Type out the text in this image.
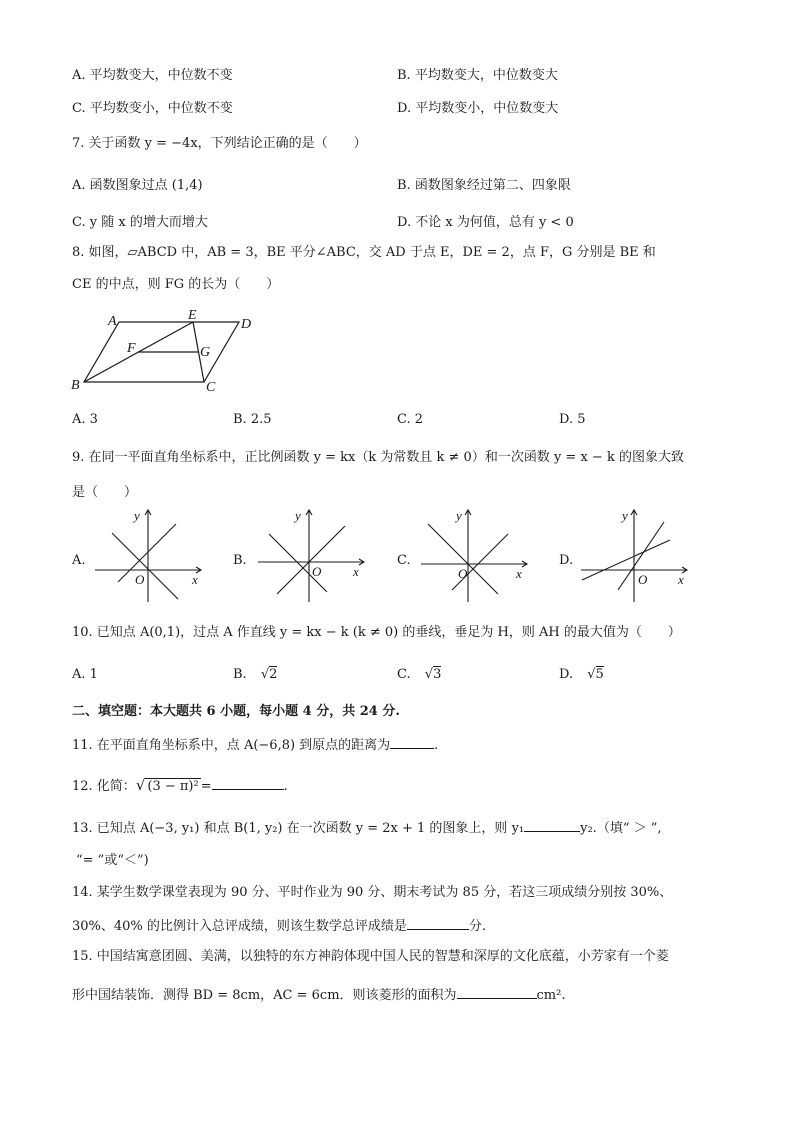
A. 平均数变大，中位数不变	B. 平均数变大，中位数变大
C. 平均数变小，中位数不变	D. 平均数变小，中位数变大
7. 关于函数 y = −4x，下列结论正确的是（　　）
A. 函数图象过点 (1,4)	B. 函数图象经过第二、四象限
C. y 随 x 的增大而增大	D. 不论 x 为何值，总有 y < 0
8. 如图，▱ABCD 中，AB = 3，BE 平分∠ABC，交 AD 于点 E，DE = 2，点 F，G 分别是 BE 和
CE 的中点，则 FG 的长为（　　）
A	E
D
F	G
B	C
A. 3	B. 2.5	C. 2	D. 5
9. 在同一平面直角坐标系中，正比例函数 y = kx（k 为常数且 k ≠ 0）和一次函数 y = x − k 的图象大致
是（　　）
A.
y
x
O
B.
y
x
O
C.
y
x
O
D.
y
x
O
10. 已知点 A(0,1)，过点 A 作直线 y = kx − k (k ≠ 0) 的垂线，垂足为 H，则 AH 的最大值为（　　）
A. 1	B. √2	C. √3	D. √5
二、填空题：本大题共 6 小题，每小题 4 分，共 24 分.
11. 在平面直角坐标系中，点 A(−6,8) 到原点的距离为	.
12. 化简：√ (3 − π)² =	.
13. 已知点 A(−3, y₁) 和点 B(1, y₂) 在一次函数 y = 2x + 1 的图象上，则 y₁	y₂.（填“ ＞ ”,
“= ”或“＜”)
14. 某学生数学课堂表现为 90 分、平时作业为 90 分、期末考试为 85 分，若这三项成绩分别按 30%、
30%、40% 的比例计入总评成绩，则该生数学总评成绩是	分.
15. 中国结寓意团圆、美满，以独特的东方神韵体现中国人民的智慧和深厚的文化底蕴，小芳家有一个菱
形中国结装饰．测得 BD = 8cm，AC = 6cm．则该菱形的面积为	cm².
